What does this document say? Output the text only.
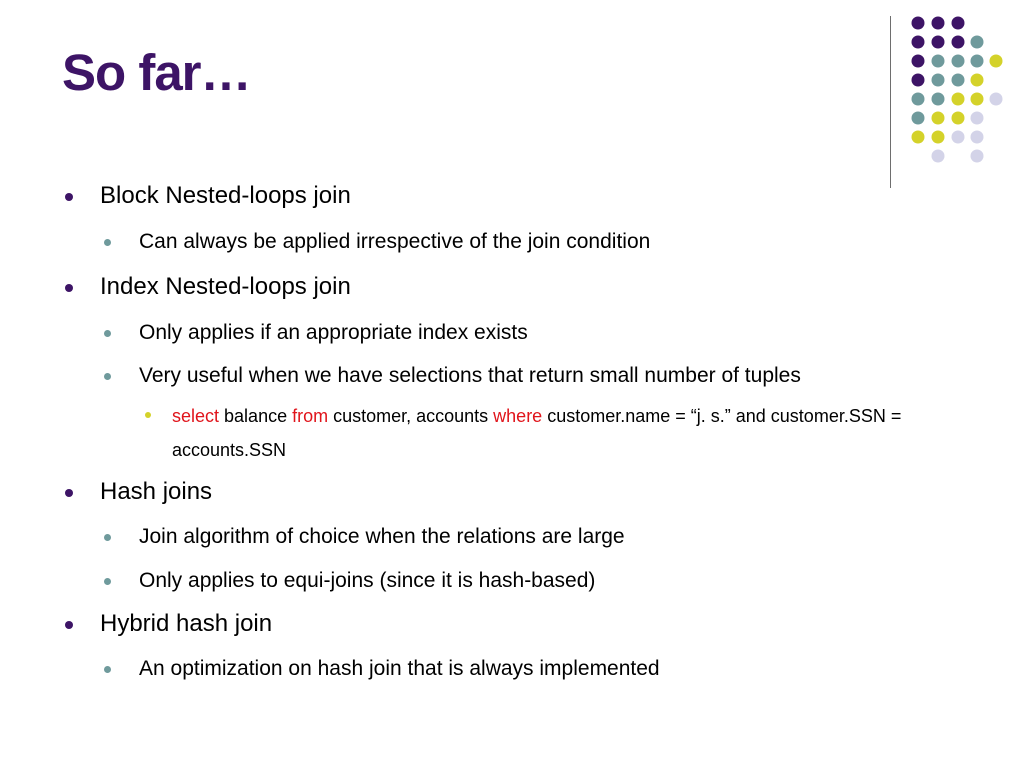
So far…
Block Nested-loops join
Can always be applied irrespective of the join condition
Index Nested-loops join
Only applies if an appropriate index exists
Very useful when we have selections that return small number of tuples
select balance from customer, accounts where customer.name = “j. s.” and customer.SSN = accounts.SSN
Hash joins
Join algorithm of choice when the relations are large
Only applies to equi-joins (since it is hash-based)
Hybrid hash join
An optimization on hash join that is always implemented
